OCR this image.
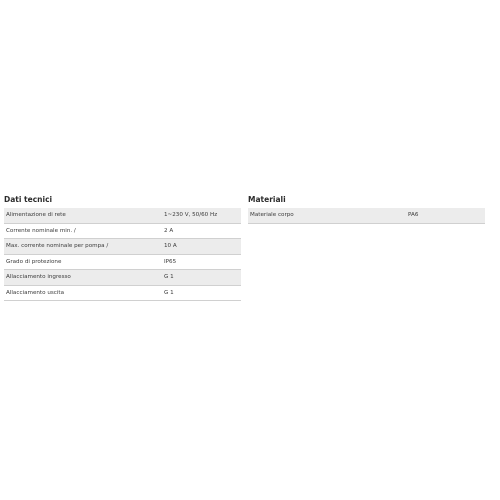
Dati tecnici
Alimentazione di rete	1~230 V, 50/60 Hz
Corrente nominale min. /	2 A
Max. corrente nominale per pompa /	10 A
Grado di protezione	IP65
Allacciamento ingresso	G 1
Allacciamento uscita	G 1
Materiali
Materiale corpo	PA6
